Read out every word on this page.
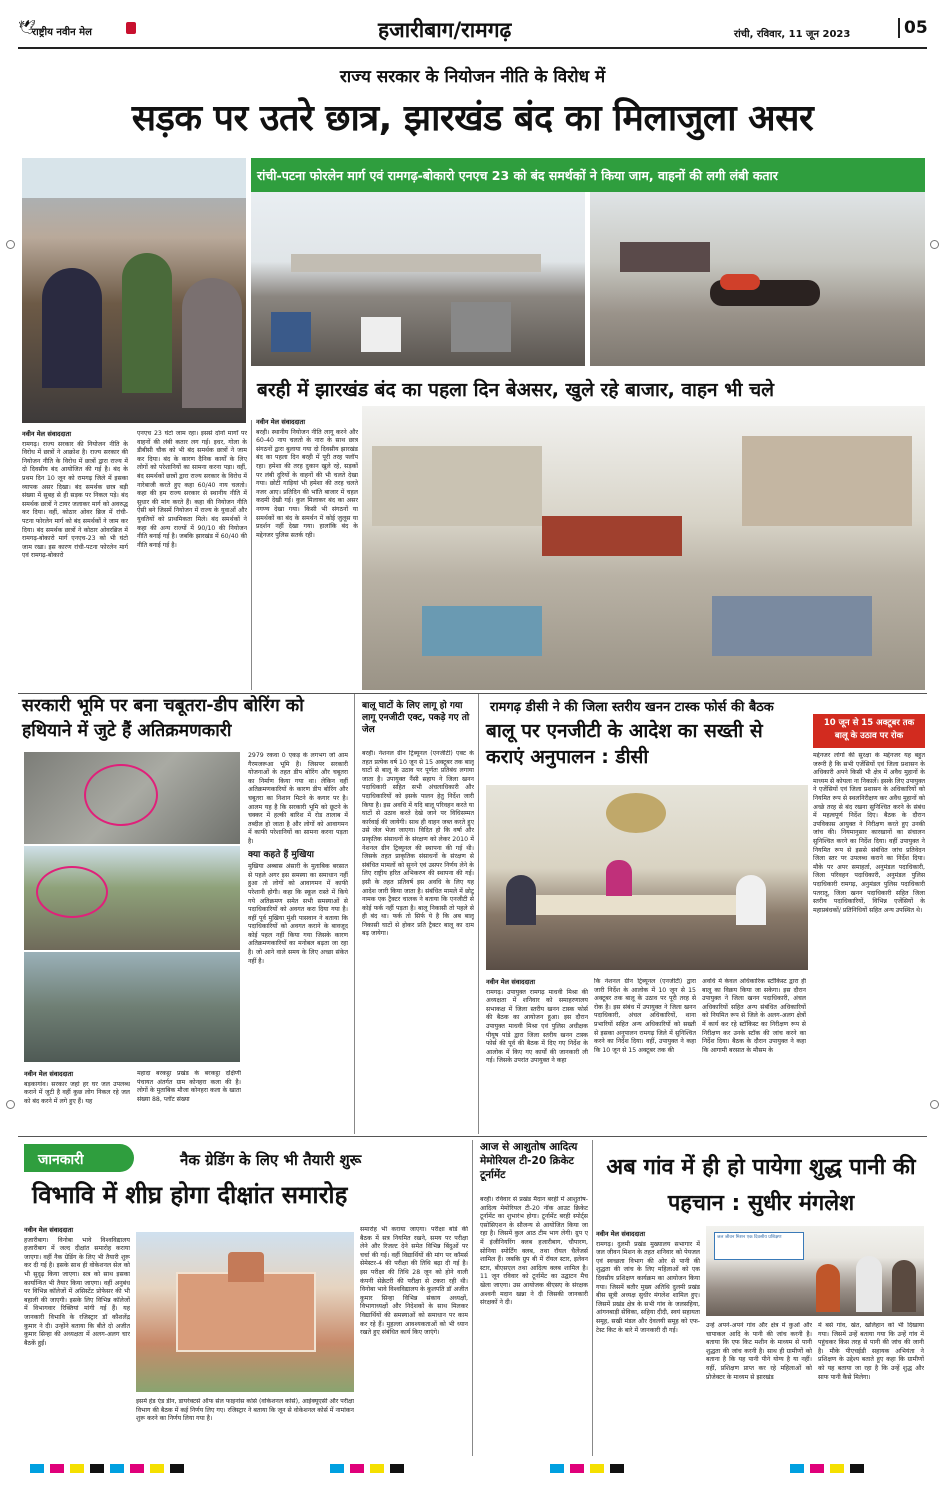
🕊
राष्ट्रीय नवीन मेल	हजारीबाग/रामगढ़	रांची, रविवार, 11 जून 2023	05
राज्य सरकार के नियोजन नीति के विरोध में
सड़क पर उतरे छात्र, झारखंड बंद का मिलाजुला असर
रांची-पटना फोरलेन मार्ग एवं रामगढ़-बोकारो एनएच 23 को बंद समर्थकों ने किया जाम, वाहनों की लगी लंबी कतार
बरही में झारखंड बंद का पहला दिन बेअसर, खुले रहे बाजार, वाहन भी चले
नवीन मेल संवाददाता
रामगढ़। राज्य सरकार की नियोजन नीति के विरोध में छात्रों ने आक्रोश है। राज्य सरकार की नियोजन नीति के विरोध में छात्रों द्वारा राज्य में दो दिवसीय बंद आयोजित की गई है। बंद के प्रथम दिन 10 जून को रामगढ़ जिले में इसका व्यापक असर दिखा। बंद समर्थक छात्र बड़ी संख्या में सुबह से ही सड़क पर निकल पड़े। बंद समर्थक छात्रों ने टायर जलाकर मार्ग को अवरुद्ध कर दिया। वहीं, कोठार ओवर ब्रिज में रांची-पटना फोरलेन मार्ग को बंद समर्थकों ने जाम कर दिया। बंद समर्थक छात्रों ने कोठार ओवरब्रिज में रामगढ़-बोकारो मार्ग एनएच-23 को भी घंटो जाम रखा। इस कारण रांची-पटना फोरलेन मार्ग एवं रामगढ़-बोकारो
एनएच 23 घंटो जाम रहा। इससे दोनों मार्गों पर वाहनों की लंबी कतार लग गई। इधर, गोला के डीबीसी चौक को भी बंद समर्थक छात्रों ने जाम कर दिया। बंद के कारण दैनिक कार्यों के लिए लोगों को परेशानियों का सामना करना पड़ा। वहीं, बंद समर्थकों छात्रों द्वारा राज्य सरकार के विरोध में नारेबाजी करते हुए कहा 60/40 नाय चलतो। कहा की हम राज्य सरकार से स्थानीय नीति में सुधार की मांग करते हैं। कहा की नियोजन नीति ऐसी बने जिसमें नियोजन में राज्य के युवाओं और युवतियों को प्राथमिकता मिले। बंद समर्थकों ने कहा की अन्य राज्यों में 90/10 की नियोजन नीति बनाई गई है। जबकि झारखंड में 60/40 की नीति बनाई गई है।
नवीन मेल संवाददाता
बरही। स्थानीय नियोजन नीति लागू करने और 60-40 नाय चलतो के नारा के साथ छात्र संगठनों द्वारा बुलाया गया दो दिवसीय झारखंड बंद का पहला दिन बरही में पूरी तरह फ्लॉप रहा। हमेशा की तरह दुकान खुले रहे, सड़कों पर लंबी दूरियों के वाहनों की भी चलते देखा गया। छोटी गाड़ियां भी हमेशा की तरह चलते नजर आए। प्रतिदिन की भांति बाजार में चहल कदमी देखी गई। कुल मिलाकर बंद का असर नगण्य देखा गया। किसी भी संगठनों या समर्थकों का बंद के समर्थन में कोई जुलूस या प्रदर्शन नहीं देखा गया। हालांकि बंद के मद्देनजर पुलिस सतर्क रही।
सरकारी भूमि पर बना चबूतरा-डीप बोरिंग को हथियाने में जुटे हैं अतिक्रमणकारी
नवीन मेल संवाददाता
बड़कागांव। सरकार जहां हर घर जल उपलब्ध कराने में जुटी है वहीं कुछ लोग निकल रहे जल को बंद करने में लगे हुए हैं। यह
महादा बरकट्ठा प्रखंड के बरकट्ठा दक्षिणी पंचायत अंतर्गत ग्राम कोनहरा कला की है। लोगों के मुताबिक मौजा कोनहरा कला के खाता संख्या 88, प्लॉट संख्या
2979 रकवा 0 एकड़ के लगभग जो आम गैरमजरूआ भूमि है। जिसपर सरकारी योजनाओं के तहत डीप बोरिंग और चबूतरा का निर्माण किया गया था। लेकिन वहीं अतिक्रमणकारियों के कारण डीप बोरिंग और चबूतरा का निशान मिटने के कगार पर है। आलम यह है कि सरकारी भूमि को छूटने के चक्कर में हल्की बारिश में रोड तालाब में तब्दील हो जाता है और लोगों को आवागमन में काफी परेशानियों का सामना करना पड़ता है।
क्या कहते हैं मुखिया
मुखिया अब्बास अंसारी के मुताबिक बरसात से पहले अगर इस समस्या का समाधान नहीं हुआ तो लोगों को आवागमन में काफी परेशानी होगी। कहा कि स्कूल रास्ते में किये गये अतिक्रमण समेत सभी समस्याओं से पदाधिकारियों को अवगत करा दिया गया है। वहीं पूर्व मुखिया मुंशी पासवान ने बताया कि पदाधिकारियों को अवगत कराने के बावजूद कोई पहल नहीं किया गया जिसके कारण अतिक्रमणकारियों का मनोबल बढ़ता जा रहा है। जो आने वाले समय के लिए अच्छा संकेत नहीं है।
बालू घाटों के लिए लागू हो गया लागू एनजीटी एक्ट, पकड़े गए तो जेल
बरही। नेशनल ग्रीन ट्रिब्यूनल (एनजीटी) एक्ट के तहत प्रत्येक वर्ष 10 जून से 15 अक्टूबर तक बालू घाटों से बालू के उठाव पर पूर्णतः प्रतिबंध लगाया जाता है। उपायुक्त नैंसी सहाय ने जिला खनन पदाधिकारी सहित सभी अंचलाधिकारी और पदाधिकारियों को इसके पालन हेतु निर्देश जारी किया है। इस अवधि में यदि बालू परिवहन करते या घाटों से उठाव करते देखे जाने पर विधिसम्मत कार्रवाई की जायेगी। साथ ही वाहन जब्त करते हुए उसे जेल भेजा जाएगा। विदित हो कि वर्षा और प्राकृतिक संसाधनों के संरक्षण को लेकर 2010 में नेशनल ग्रीन ट्रिब्यूनल की स्थापना की गई थी। जिसके तहत प्राकृतिक संसाधनों के संरक्षण से संबंधित मामलों को सुनने एवं उसपर निर्णय लेने के लिए राष्ट्रीय हरित अभिकरण की स्थापना की गई। इसी के तहत प्रतिवर्ष इस अवधि के लिए यह आदेश जारी किया जाता है। संबंधित मामले में छोटू नामक एक ट्रैक्टर चालक ने बताया कि एनजीटी से कोई फर्क नहीं पड़ता है। बालू निकासी तो पहले से ही बंद था। फर्क तो सिर्फ ये है कि अब बालू निकासी घाटों से होकर प्रति ट्रैक्टर बालू का दाम बढ़ जायेगा।
रामगढ़ डीसी ने की जिला स्तरीय खनन टास्क फोर्स की बैठक
बालू पर एनजीटी के आदेश का सख्ती से कराएं अनुपालन : डीसी
10 जून से 15 अक्टूबर तक बालू के उठाव पर रोक
मद्देनजर लोगों की सुरक्षा के मद्देनजर यह बहुत जरूरी है कि सभी एजेंसियों एवं जिला प्रशासन के अधिकारी अपने किसी भी क्षेत्र में अवैध मुहानों के माध्यम से कोयला ना निकालें। इसके लिए उपायुक्त ने एजेंसियों एवं जिला प्रशासन के अधिकारियों को नियमित रूप से स्थलनिरीक्षण कर अवैध मुहानों को अच्छे तरह से बंद रखना सुनिश्चित करने के संबंध में महत्वपूर्ण निर्देश दिए। बैठक के दौरान उपविकास आयुक्त ने निरीक्षण करते हुए उनकी जांच की। नियमानुसार कारखानों का संचालन सुनिश्चित करने का निर्देश दिया। वहीं उपायुक्त ने नियमित रूप से इससे संबंधित जांच प्रतिवेदन जिला स्तर पर उपलब्ध कराने का निर्देश दिया। मौके पर अपर समाहर्ता, अनुमंडल पदाधिकारी, जिला परिवहन पदाधिकारी, अनुमंडल पुलिस पदाधिकारी रामगढ़, अनुमंडल पुलिस पदाधिकारी पतरातू, जिला खनन पदाधिकारी सहित जिला स्तरीय पदाधिकारियों, विभिन्न एजेंसियों के महाप्रबंधकों/ प्रतिनिधियों सहित अन्य उपस्थित थे।
नवीन मेल संवाददाता
रामगढ़। उपायुक्त रामगढ़ माधवी मिश्रा की अध्यक्षता में शनिवार को समाहरणालय सभाकक्ष में जिला स्तरीय खनन टास्क फोर्स की बैठक का आयोजन हुआ। इस दौरान उपायुक्त माधवी मिश्रा एवं पुलिस अधीक्षक पीयूष पांडे द्वारा जिला स्तरीय खनन टास्क फोर्स की पूर्व की बैठक में दिए गए निर्देश के आलोक में किए गए कार्यों की जानकारी ली गई। जिसके उपरांत उपायुक्त ने कहा
कि नेशनल ग्रीन ट्रिब्यूनल (एनजीटी) द्वारा जारी निर्देश के आलोक में 10 जून से 15 अक्टूबर तक बालू के उठाव पर पूरी तरह से रोक है। इस संबंध में उपायुक्त ने जिला खनन पदाधिकारी, अंचल अधिकारियों, थाना प्रभारियों सहित अन्य अधिकारियों को सख्ती से इसका अनुपालन रामगढ़ जिले में सुनिश्चित करने का निर्देश दिया। वहीं, उपायुक्त ने कहा कि 10 जून से 15 अक्टूबर तक की
अवधि में केवल अधिकारिक स्टॉकिस्ट द्वारा ही बालू का विक्रय किया जा सकेगा। इस दौरान उपायुक्त ने जिला खनन पदाधिकारी, अंचल अधिकारियों सहित अन्य संबंधित अधिकारियों को नियमित रूप से जिले के अलग-अलग क्षेत्रों में कार्य कर रहे स्टॉकिस्ट का निरीक्षण रूप से निरीक्षण कर उनके स्टॉक की जांच करने का निर्देश दिया। बैठक के दौरान उपायुक्त ने कहा कि आगामी बरसात के मौसम के
जानकारी	नैक ग्रेडिंग के लिए भी तैयारी शुरू
विभावि में शीघ्र होगा दीक्षांत समारोह
नवीन मेल संवाददाता
हजारीबाग। विनोबा भावे विश्वविद्यालय हजारीबाग में जल्द दीक्षांत समारोह कराया जाएगा। वहीं नैक ग्रेडिंग के लिए भी तैयारी शुरू कर दी गई है। इसके साथ ही वोकेशनल सेल को भी सुदृढ़ किया जाएगा। सत्र को साथ इसका कार्यान्वित भी तैयार किया जाएगा। वहीं अनुबंध पर विभिन्न कॉलेजों में असिस्टेंट प्रोफेसर की भी बहाली की जाएगी। इसके लिए विभिन्न कॉलेजों में विभागवार रिक्तियां मांगी गई हैं। यह जानकारी विभावि के रजिस्ट्रार डॉ कौशलेंद्र कुमार ने दी। उन्होंने बताया कि बीते दो अजीत कुमार सिन्हा की अध्यक्षता में अलग-अलग चार बैठकें हुईं।
इसमें हेड एंड डीन, डायरेक्टर्स ऑफ सेल फाइनांस कोर्स (वोकेशनल कोर्स), आईक्यूएसी और परीक्षा विभाग की बैठक में कई निर्णय लिए गए। रजिस्ट्रार ने बताया कि जून से वोकेशनल कोर्स में नामांकन शुरू करने का निर्णय लिया गया है।
समारोह भी कराया जाएगा। परीक्षा बोर्ड की बैठक में सत्र नियमित रखने, समय पर परीक्षा लेने और रिजल्ट देने समेत विभिन्न बिंदुओं पर चर्चा की गई। वहीं विद्यार्थियों की मांग पर कॉमर्स सेमेस्टर-4 की परीक्षा की तिथि बढ़ा दी गई है। इस परीक्षा की तिथि 28 जून को होने वाली कंपनी सेक्रेटरी की परीक्षा से टकरा रही थी। विनोबा भावे विश्वविद्यालय के कुलपति डॉ अजीत कुमार सिन्हा विभिन्न संकाय अध्यक्षों, विभागाध्यक्षों और निदेशकों के साथ मिलकर विद्यार्थियों की समस्याओं को समाधान पर काम कर रहे हैं। मुहल्ला आवश्यकताओं को भी ध्यान रखते हुए संबंधित कार्य किए जाएंगे।
आज से आशुतोष आदित्य मेमोरियल टी-20 क्रिकेट टूर्नामेंट
बरही। रविवार से प्रखंड मैदान बरही में आशुतोष-आदित्य मेमोरियल टी-20 नॉक आउट क्रिकेट टूर्नामेंट का शुभारंभ होगा। टूर्नामेंट बरही स्पोर्ट्स एसोसिएशन के सौजन्य से आयोजित किया जा रहा है। जिसमें कुल आठ टीम भाग लेगी। ग्रुप ए में इंजीनियरिंग क्लब हजारीबाग, चौपारण, सोनिया स्पोर्टिंग क्लब, तथा रॉयल चैलेंजर्स शामिल हैं। जबकि ग्रुप बी में रॉयल स्टार, इलेवन स्टार, बीएसएल तथा आदित्य क्लब शामिल है। 11 जून रविवार को टूर्नामेंट का उद्घाटन मैच खेला जाएगा। उस आयोजक बीएसए के संरक्षक अश्वनी मदान खन्ना ने दी जिसकी जानकारी संरक्षकों ने दी।
अब गांव में ही हो पायेगा शुद्ध पानी की पहचान : सुधीर मंगलेश
नवीन मेल संवाददाता
रामगढ़। दुलमी प्रखंड मुख्यालय सभागार में जल जीवन मिशन के तहत शनिवार को पेयजल एवं स्वच्छता विभाग की ओर से पानी की शुद्धता की जांच के लिए महिलाओं को एक दिवसीय प्रशिक्षण कार्यक्रम का आयोजन किया गया। जिसमें बतौर मुख्य अतिथि दुलमी प्रखंड बीस सूत्री अध्यक्ष सुधीर मंगलेश शामिल हुए। जिसमें प्रखंड क्षेत्र के सभी गांव के जलसहिया, आंगनबाड़ी सेविका, सहिया दीदी, स्वयं सहायता समूह, सखी मंडल और देवलयी समूह को एफ-टेस्ट किट के बारे में जानकारी दी गई।
जल जीवन मिशन एक दिवसीय प्रशिक्षण
उन्हें अपने-अपने गांव और क्षेत्र में कुओं और चापाकल आदि के पानी की जांच करनी है। बताया कि एफ किट मशीन के माध्यम से पानी शुद्धता की जांच करनी है। साथ ही ग्रामीणों को बताना है कि यह पानी पीने योग्य है या नहीं। वहीं, प्रशिक्षण प्राप्त कर रहे महिलाओं को प्रोजेक्टर के माध्यम से झारखंड
में बसे गांव, खेत, खलिहान को भी दिखाया गया। जिसमें उन्हें बताया गया कि उन्हें गांव में पहुंचकर किस तरह से पानी की जांच की जानी है। मौके पीएचईडी सहायक अभियंता ने प्रशिक्षण के उद्देश्य बताते हुए कहा कि ग्रामीणों को यह बताया जा रहा है कि उन्हें शुद्ध और साफ पानी कैसे मिलेगा।
